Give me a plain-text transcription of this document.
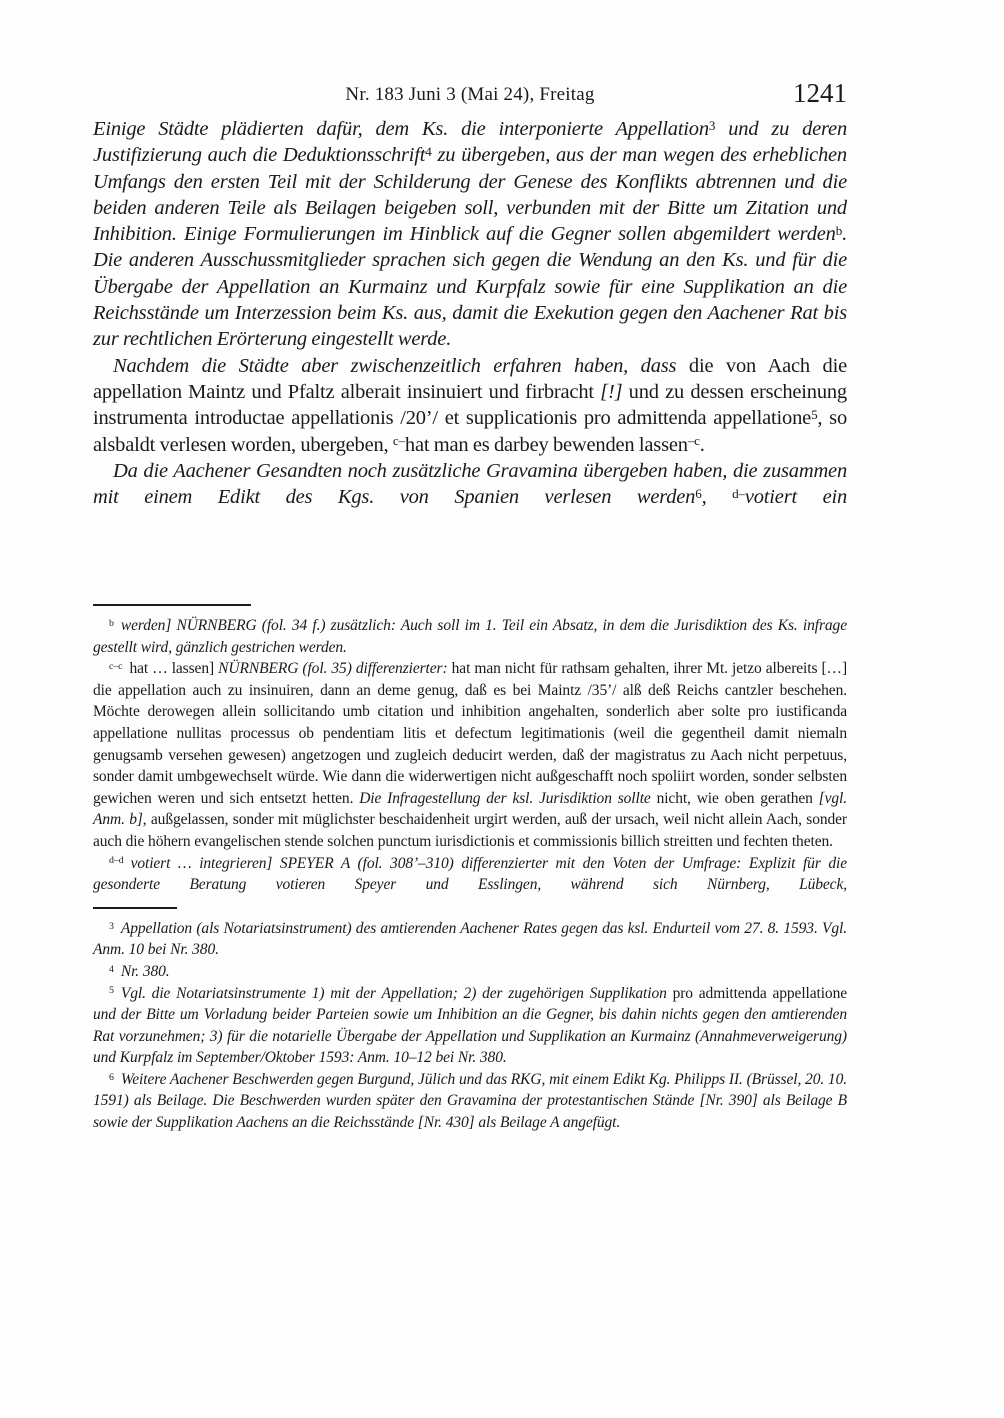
Nr. 183 Juni 3 (Mai 24), Freitag	1241

Einige Städte plädierten dafür, dem Ks. die interponierte Appellation$^3$ und zu deren Justifizierung auch die Deduktionsschrift$^4$ zu übergeben, aus der man wegen des erheblichen Umfangs den ersten Teil mit der Schilderung der Genese des Konflikts abtrennen und die beiden anderen Teile als Beilagen beigeben soll, verbunden mit der Bitte um Zitation und Inhibition. Einige Formulierungen im Hinblick auf die Gegner sollen abgemildert werden$^b$. Die anderen Ausschussmitglieder sprachen sich gegen die Wendung an den Ks. und für die Übergabe der Appellation an Kurmainz und Kurpfalz sowie für eine Supplikation an die Reichsstände um Interzession beim Ks. aus, damit die Exekution gegen den Aachener Rat bis zur rechtlichen Erörterung eingestellt werde.

Nachdem die Städte aber zwischenzeitlich erfahren haben, dass die von Aach die appellation Maintz und Pfaltz alberait insinuiert und firbracht [!] und zu dessen erscheinung instrumenta introductae appellationis /20’/ et supplicationis pro admittenda appellatione$^5$, so alsbaldt verlesen worden, ubergeben, $^{c-}$hat man es darbey bewenden lassen$^{-c}$.

Da die Aachener Gesandten noch zusätzliche Gravamina übergeben haben, die zusammen mit einem Edikt des Kgs. von Spanien verlesen werden$^6$, $^{d-}$votiert ein

$^b$ werden] NÜRNBERG (fol. 34 f.) zusätzlich: Auch soll im 1. Teil ein Absatz, in dem die Jurisdiktion des Ks. infrage gestellt wird, gänzlich gestrichen werden.

$^{c-c}$ hat … lassen] NÜRNBERG (fol. 35) differenzierter: hat man nicht für rathsam gehalten, ihrer Mt. jetzo albereits […] die appellation auch zu insinuiren, dann an deme genug, daß es bei Maintz /35’/ alß deß Reichs cantzler beschehen. Möchte derowegen allein sollicitando umb citation und inhibition angehalten, sonderlich aber solte pro iustificanda appellatione nullitas processus ob pendentiam litis et defectum legitimationis (weil die gegentheil damit niemaln genugsamb versehen gewesen) angetzogen und zugleich deducirt werden, daß der magistratus zu Aach nicht perpetuus, sonder damit umbgewechselt würde. Wie dann die widerwertigen nicht außgeschafft noch spoliirt worden, sonder selbsten gewichen weren und sich entsetzt hetten. Die Infragestellung der ksl. Jurisdiktion sollte nicht, wie oben gerathen [vgl. Anm. b], außgelassen, sonder mit müglichster beschaidenheit urgirt werden, auß der ursach, weil nicht allein Aach, sonder auch die höhern evangelischen stende solchen punctum iurisdictionis et commissionis billich streitten und fechten theten.

$^{d-d}$ votiert … integrieren] SPEYER A (fol. 308’–310) differenzierter mit den Voten der Umfrage: Explizit für die gesonderte Beratung votieren Speyer und Esslingen, während sich Nürnberg, Lübeck,

$^3$ Appellation (als Notariatsinstrument) des amtierenden Aachener Rates gegen das ksl. Endurteil vom 27. 8. 1593. Vgl. Anm. 10 bei Nr. 380.

$^4$ Nr. 380.

$^5$ Vgl. die Notariatsinstrumente 1) mit der Appellation; 2) der zugehörigen Supplikation pro admittenda appellatione und der Bitte um Vorladung beider Parteien sowie um Inhibition an die Gegner, bis dahin nichts gegen den amtierenden Rat vorzunehmen; 3) für die notarielle Übergabe der Appellation und Supplikation an Kurmainz (Annahmeverweigerung) und Kurpfalz im September/Oktober 1593: Anm. 10–12 bei Nr. 380.

$^6$ Weitere Aachener Beschwerden gegen Burgund, Jülich und das RKG, mit einem Edikt Kg. Philipps II. (Brüssel, 20. 10. 1591) als Beilage. Die Beschwerden wurden später den Gravamina der protestantischen Stände [Nr. 390] als Beilage B sowie der Supplikation Aachens an die Reichsstände [Nr. 430] als Beilage A angefügt.
